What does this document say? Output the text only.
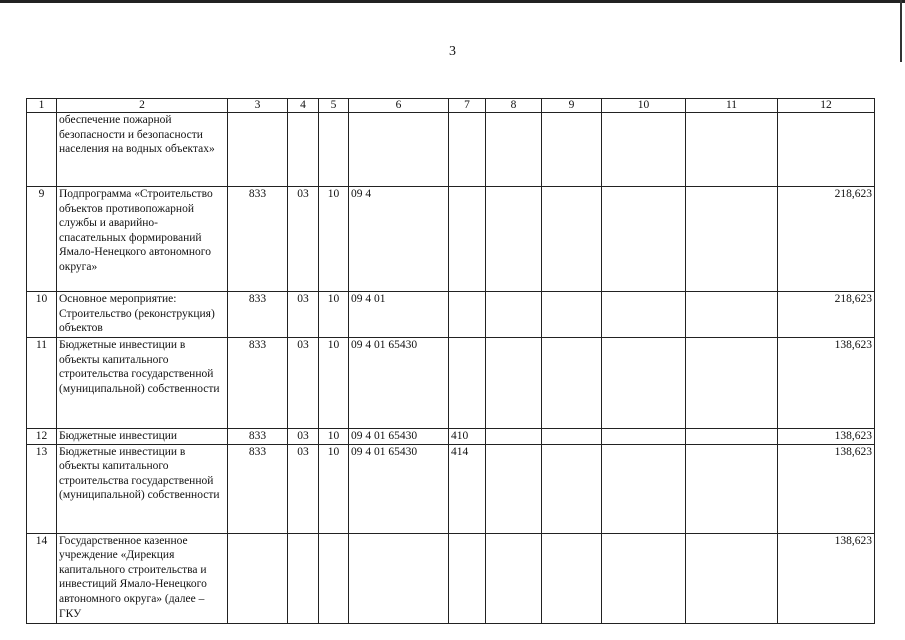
3
1	2	3	4	5	6	7	8	9	10	11	12
	обеспечение пожарной безопасности и безопасности населения на водных объектах»										
9	Подпрограмма «Строительство объектов противопожарной службы и аварийно-спасательных формирований Ямало-Ненецкого автономного округа»	833	03	10	09 4						218,623
10	Основное мероприятие: Строительство (реконструкция) объектов	833	03	10	09 4 01						218,623
11	Бюджетные инвестиции в объекты капитального строительства государственной (муниципальной) собственности	833	03	10	09 4 01 65430						138,623
12	Бюджетные инвестиции	833	03	10	09 4 01 65430	410					138,623
13	Бюджетные инвестиции в объекты капитального строительства государственной (муниципальной) собственности	833	03	10	09 4 01 65430	414					138,623
14	Государственное казенное учреждение «Дирекция капитального строительства и инвестиций Ямало-Ненецкого автономного округа» (далее – ГКУ										138,623
